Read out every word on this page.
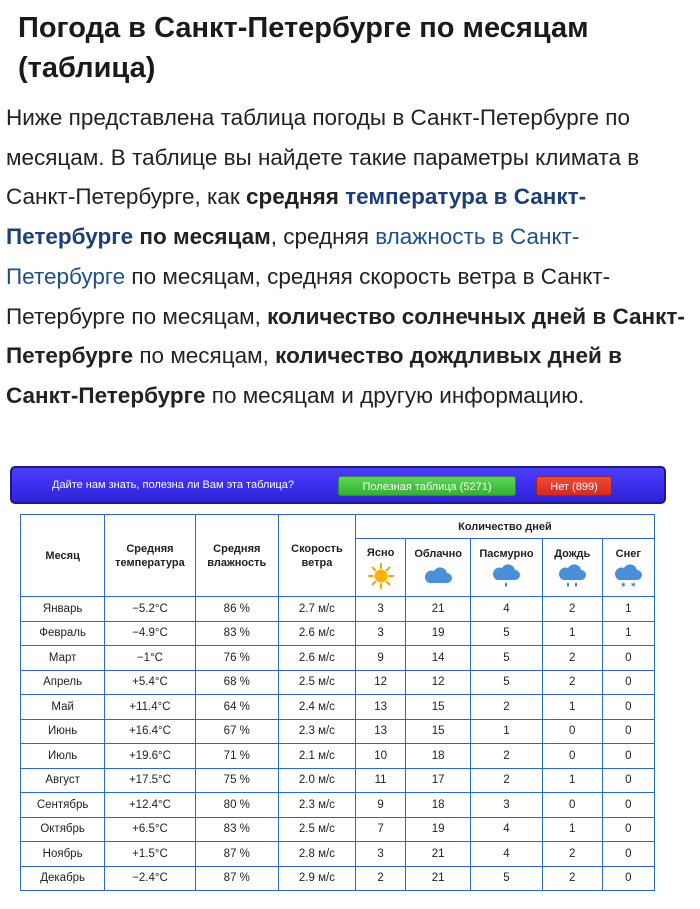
Погода в Санкт-Петербурге по месяцам (таблица)

Ниже представлена таблица погоды в Санкт-Петербурге по месяцам. В таблице вы найдете такие параметры климата в Санкт-Петербурге, как средняя температура в Санкт-Петербурге по месяцам, средняя влажность в Санкт-Петербурге по месяцам, средняя скорость ветра в Санкт-Петербурге по месяцам, количество солнечных дней в Санкт-Петербурге по месяцам, количество дождливых дней в Санкт-Петербурге по месяцам и другую информацию.

Дайте нам знать, полезна ли Вам эта таблица?	Полезная таблица (5271)	Нет (899)
Месяц	Средняя температура	Средняя влажность	Скорость ветра	Количество дней				
				Ясно	Облачно	Пасмурно	Дождь	Снег
* *

Январь	−5.2°C	86 %	2.7 м/с	3	21	4	2	1
Февраль	−4.9°C	83 %	2.6 м/с	3	19	5	1	1
Март	−1°C	76 %	2.6 м/с	9	14	5	2	0
Апрель	+5.4°C	68 %	2.5 м/с	12	12	5	2	0
Май	+11.4°C	64 %	2.4 м/с	13	15	2	1	0
Июнь	+16.4°C	67 %	2.3 м/с	13	15	1	0	0
Июль	+19.6°C	71 %	2.1 м/с	10	18	2	0	0
Август	+17.5°C	75 %	2.0 м/с	11	17	2	1	0
Сентябрь	+12.4°C	80 %	2.3 м/с	9	18	3	0	0
Октябрь	+6.5°C	83 %	2.5 м/с	7	19	4	1	0
Ноябрь	+1.5°C	87 %	2.8 м/с	3	21	4	2	0
Декабрь	−2.4°C	87 %	2.9 м/с	2	21	5	2	0
